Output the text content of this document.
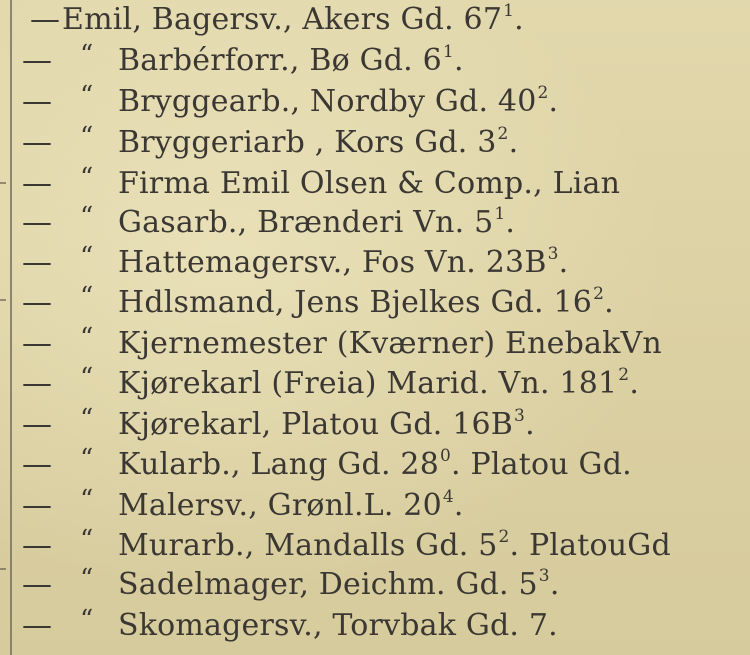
— Emil, Bagersv., Akers Gd. $67^1$.
— “ Barbérforr., Bø Gd. $6^1$.
— “ Bryggearb., Nordby Gd. $40^2$.
— “ Bryggeriarb , Kors Gd. $3^2$.
— “ Firma Emil Olsen & Comp., Lian
— “ Gasarb., Brænderi Vn. $5^1$.
— “ Hattemagersv., Fos Vn. $23B^3$.
— “ Hdlsmand, Jens Bjelkes Gd. $16^2$.
— “ Kjernemester (Kværner) EnebakVn
— “ Kjørekarl (Freia) Marid. Vn. $181^2$.
— “ Kjørekarl, Platou Gd. $16B^3$.
— “ Kularb., Lang Gd. $28^0$. Platou Gd.
— “ Malersv., Grønl.L. $20^4$.
— “ Murarb., Mandalls Gd. $5^2$. PlatouGd
— “ Sadelmager, Deichm. Gd. $5^3$.
— “ Skomagersv., Torvbak Gd. 7.
